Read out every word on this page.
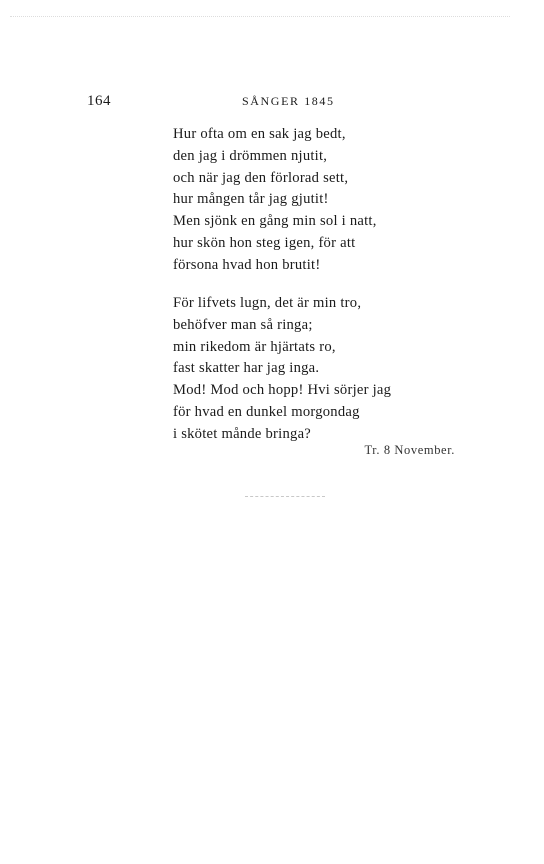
164	SÅNGER 1845
Hur ofta om en sak jag bedt,
den jag i drömmen njutit,
och när jag den förlorad sett,
hur mången tår jag gjutit!
Men sjönk en gång min sol i natt,
hur skön hon steg igen, för att
försona hvad hon brutit!
För lifvets lugn, det är min tro,
behöfver man så ringa;
min rikedom är hjärtats ro,
fast skatter har jag inga.
Mod! Mod och hopp! Hvi sörjer jag
för hvad en dunkel morgondag
i skötet månde bringa?
Tr. 8 November.
